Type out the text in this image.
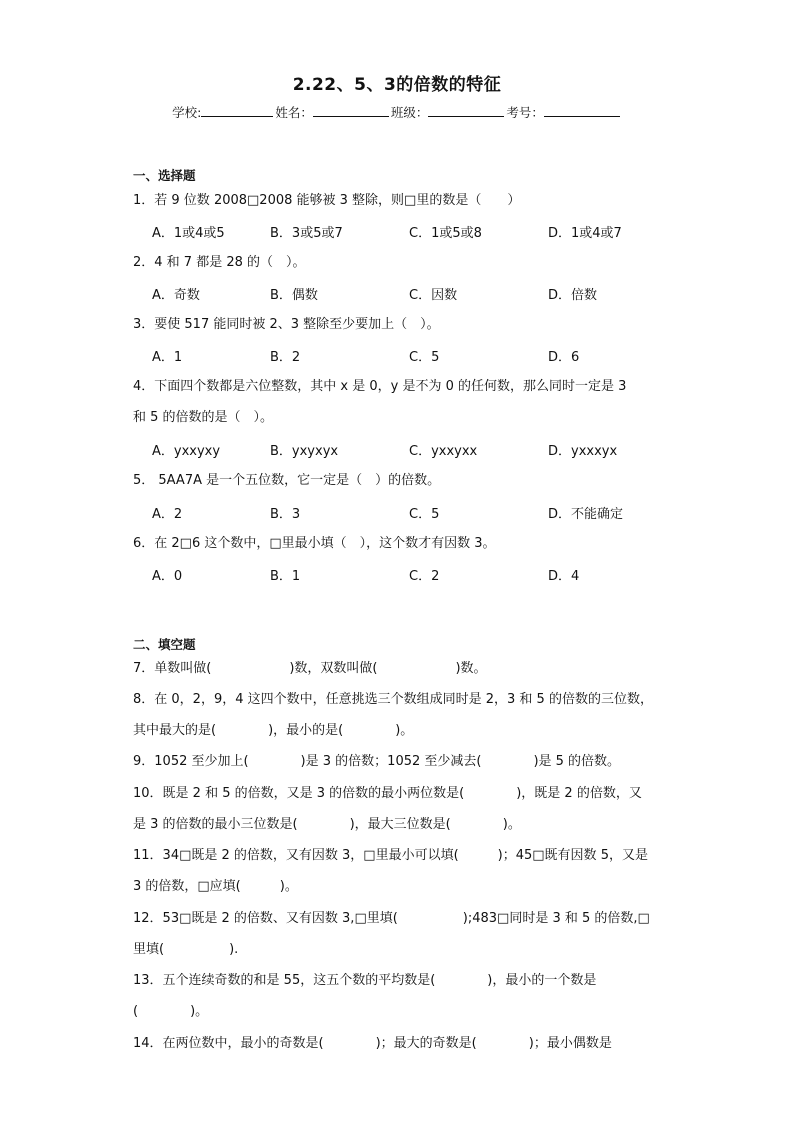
2.22、5、3的倍数的特征
学校:	姓名：	班级：	考号：
一、选择题
1．若 9 位数 2008□2008 能够被 3 整除，则□里的数是（　　）
A．1或4或5	B．3或5或7	C．1或5或8	D．1或4或7
2．4 和 7 都是 28 的（　）。
A．奇数	B．偶数	C．因数	D．倍数
3．要使 517 能同时被 2、3 整除至少要加上（　）。
A．1	B．2	C．5	D．6
4．下面四个数都是六位整数，其中 x 是 0，y 是不为 0 的任何数，那么同时一定是 3
和 5 的倍数的是（　）。
A．yxxyxy	B．yxyxyx	C．yxxyxx	D．yxxxyx
5． 5AA7A 是一个五位数，它一定是（　）的倍数。
A．2	B．3	C．5	D．不能确定
6．在 2□6 这个数中，□里最小填（　），这个数才有因数 3。
A．0	B．1	C．2	D．4
二、填空题
7．单数叫做(　　　　　　)数，双数叫做(　　　　　　)数。
8．在 0，2，9，4 这四个数中，任意挑选三个数组成同时是 2，3 和 5 的倍数的三位数，
其中最大的是(　　　　)，最小的是(　　　　)。
9．1052 至少加上(　　　　)是 3 的倍数；1052 至少减去(　　　　)是 5 的倍数。
10．既是 2 和 5 的倍数，又是 3 的倍数的最小两位数是(　　　　)，既是 2 的倍数，又
是 3 的倍数的最小三位数是(　　　　)，最大三位数是(　　　　)。
11．34□既是 2 的倍数，又有因数 3，□里最小可以填(　　　)；45□既有因数 5，又是
3 的倍数，□应填(　　　)。
12．53□既是 2 的倍数、又有因数 3,□里填(　　　　　);483□同时是 3 和 5 的倍数,□
里填(　　　　　).
13．五个连续奇数的和是 55，这五个数的平均数是(　　　　)，最小的一个数是
(　　　　)。
14．在两位数中，最小的奇数是(　　　　)；最大的奇数是(　　　　)；最小偶数是
